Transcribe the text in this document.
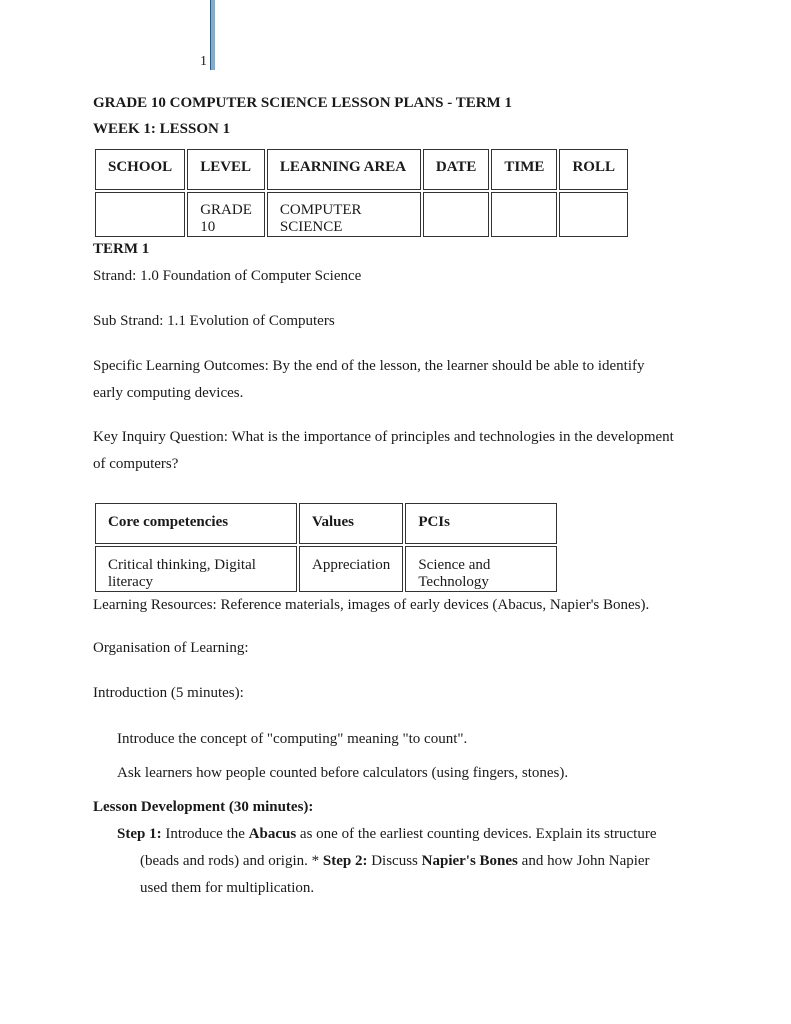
1
GRADE 10 COMPUTER SCIENCE LESSON PLANS - TERM 1
WEEK 1: LESSON 1
SCHOOL	LEVEL	LEARNING AREA	DATE	TIME	ROLL
	GRADE 10	COMPUTER SCIENCE			
TERM 1
Strand: 1.0 Foundation of Computer Science
Sub Strand: 1.1 Evolution of Computers
Specific Learning Outcomes: By the end of the lesson, the learner should be able to identify
early computing devices.
Key Inquiry Question: What is the importance of principles and technologies in the development
of computers?
Core competencies	Values	PCIs
Critical thinking, Digital literacy	Appreciation	Science and Technology
Learning Resources: Reference materials, images of early devices (Abacus, Napier's Bones).
Organisation of Learning:
Introduction (5 minutes):
Introduce the concept of "computing" meaning "to count".
Ask learners how people counted before calculators (using fingers, stones).
Lesson Development (30 minutes):
Step 1: Introduce the Abacus as one of the earliest counting devices. Explain its structure
(beads and rods) and origin. * Step 2: Discuss Napier's Bones and how John Napier
used them for multiplication.
